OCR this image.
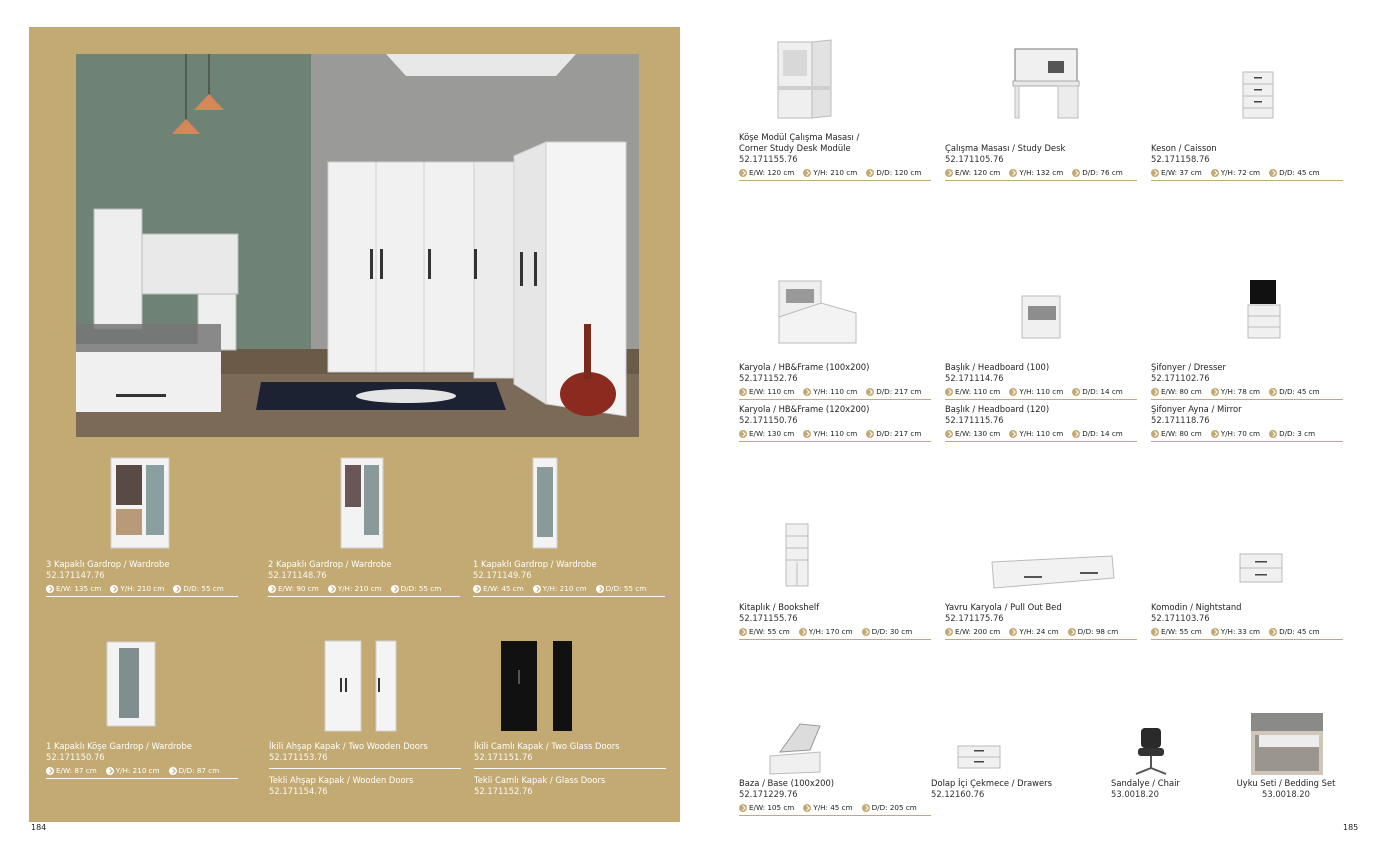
3 Kapaklı Gardrop / Wardrobe
52.171147.76
E/W: 135 cm	Y/H: 210 cm	D/D: 55 cm
2 Kapaklı Gardrop / Wardrobe
52.171148.76
E/W: 90 cm	Y/H: 210 cm	D/D: 55 cm
1 Kapaklı Gardrop / Wardrobe
52.171149.76
E/W: 45 cm	Y/H: 210 cm	D/D: 55 cm
1 Kapaklı Köşe Gardrop / Wardrobe
52.171150.76
E/W: 87 cm	Y/H: 210 cm	D/D: 87 cm
İkili Ahşap Kapak / Two Wooden Doors
52.171153.76
Tekli Ahşap Kapak / Wooden Doors
52.171154.76
İkili Camlı Kapak / Two Glass Doors
52.171151.76
Tekli Camlı Kapak / Glass Doors
52.171152.76
184
Köşe Modül Çalışma Masası /
Corner Study Desk Modüle
52.171155.76
E/W: 120 cm	Y/H: 210 cm	D/D: 120 cm
Çalışma Masası / Study Desk
52.171105.76
E/W: 120 cm	Y/H: 132 cm	D/D: 76 cm
Keson / Caisson
52.171158.76
E/W: 37 cm	Y/H: 72 cm	D/D: 45 cm
Karyola / HB&Frame (100x200)
52.171152.76
E/W: 110 cm	Y/H: 110 cm	D/D: 217 cm
Karyola / HB&Frame (120x200)
52.171150.76
E/W: 130 cm	Y/H: 110 cm	D/D: 217 cm
Başlık / Headboard (100)
52.171114.76
E/W: 110 cm	Y/H: 110 cm	D/D: 14 cm
Başlık / Headboard (120)
52.171115.76
E/W: 130 cm	Y/H: 110 cm	D/D: 14 cm
Şifonyer / Dresser
52.171102.76
E/W: 80 cm	Y/H: 78 cm	D/D: 45 cm
Şifonyer Ayna / Mirror
52.171118.76
E/W: 80 cm	Y/H: 70 cm	D/D: 3 cm
Kitaplık / Bookshelf
52.171155.76
E/W: 55 cm	Y/H: 170 cm	D/D: 30 cm
Yavru Karyola / Pull Out Bed
52.171175.76
E/W: 200 cm	Y/H: 24 cm	D/D: 98 cm
Komodin / Nightstand
52.171103.76
E/W: 55 cm	Y/H: 33 cm	D/D: 45 cm
Baza / Base (100x200)
52.171229.76
E/W: 105 cm	Y/H: 45 cm	D/D: 205 cm
Dolap İçi Çekmece / Drawers
52.12160.76
Sandalye / Chair
53.0018.20
Uyku Seti / Bedding Set
53.0018.20
185
